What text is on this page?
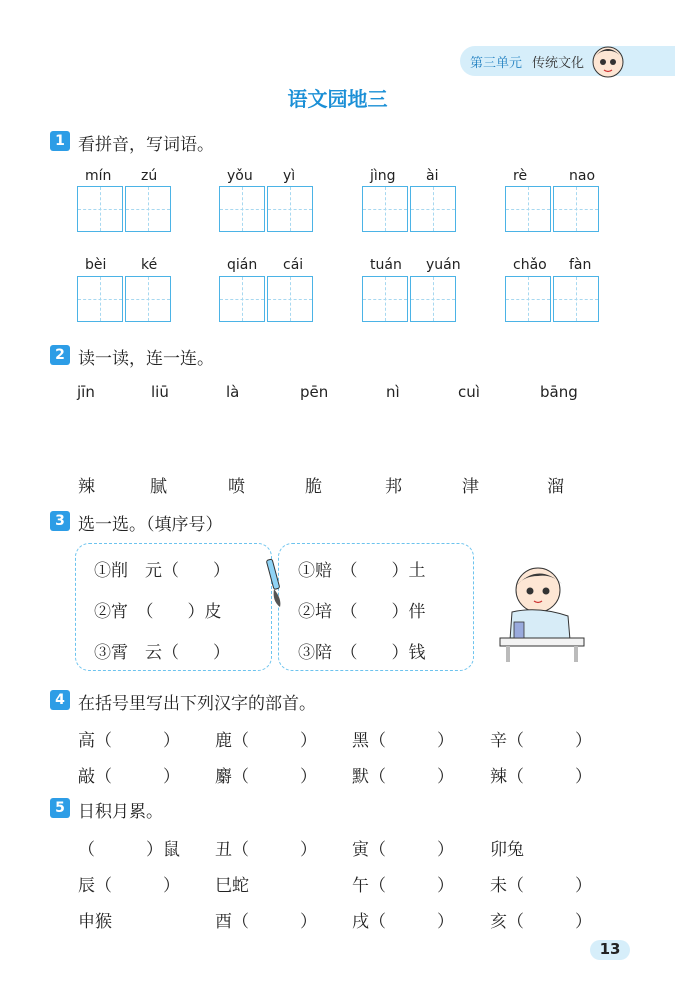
第三单元 传统文化
语文园地三
1 看拼音，写词语。
mín zú	yǒu yì	jìng ài	rè	nao
bèi ké	qián cái	tuán yuán	chǎo fàn
2 读一读，连一连。
jīn	liū	là	pēn	nì	cuì	bāng
辣	腻	喷	脆	邦	津	溜
3 选一选。（填序号）
①削　元（　　）
②宵　（　　）皮
③霄　云（　　）
①赔　（　　）土
②培　（　　）伴
③陪　（　　）钱
4 在括号里写出下列汉字的部首。
高（　　　） 鹿（　　　） 黑（　　　） 辛（　　　）
敲（　　　） 麝（　　　） 默（　　　） 辣（　　　）
5 日积月累。
（　　　）鼠 丑（　　　） 寅（　　　） 卯兔
辰（　　　） 巳蛇	午（　　　） 未（　　　）
申猴	酉（　　　） 戌（　　　） 亥（　　　）
13
